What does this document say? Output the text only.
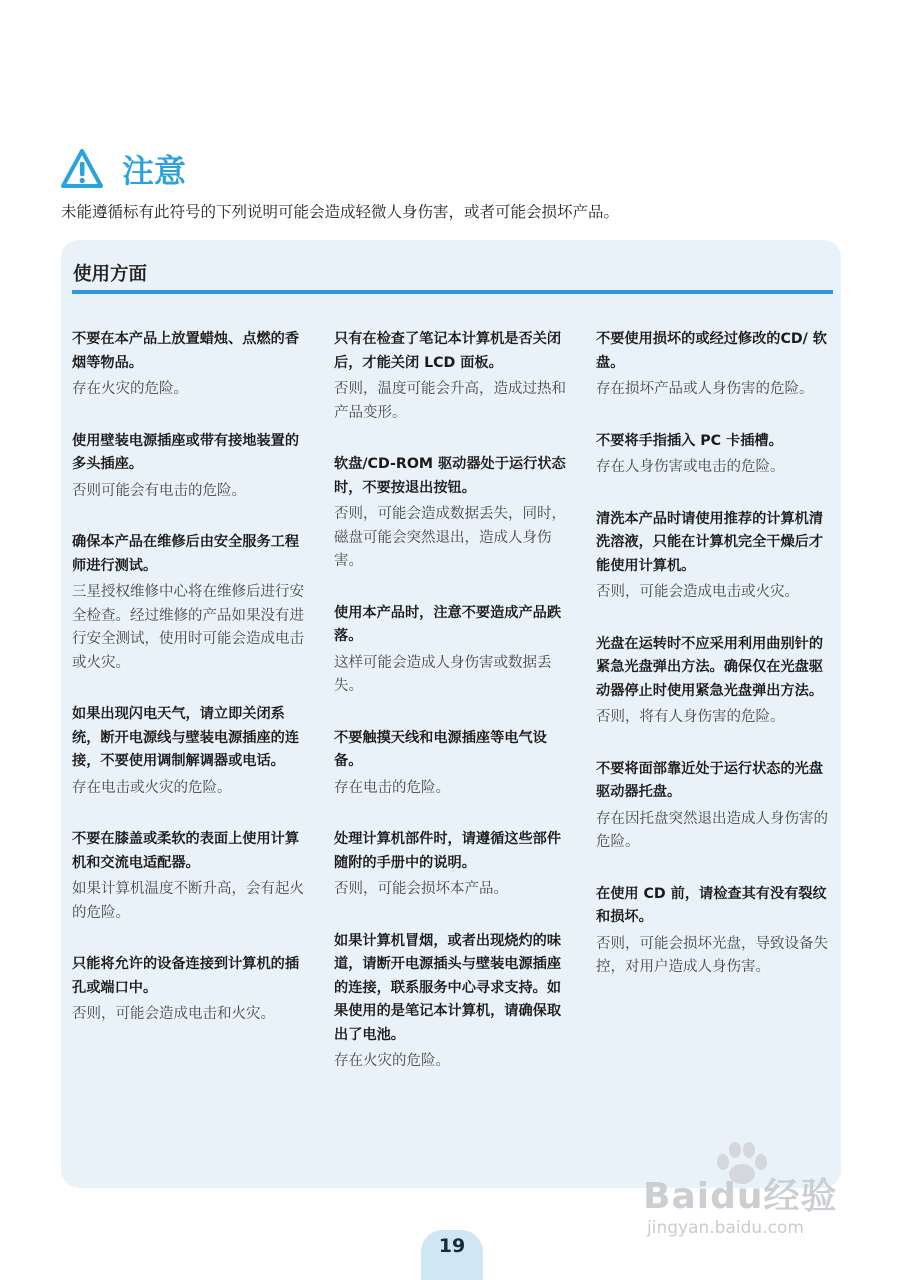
注意
未能遵循标有此符号的下列说明可能会造成轻微人身伤害，或者可能会损坏产品。
使用方面
不要在本产品上放置蜡烛、点燃的香烟等物品。

存在火灾的危险。

使用壁装电源插座或带有接地装置的多头插座。

否则可能会有电击的危险。

确保本产品在维修后由安全服务工程师进行测试。

三星授权维修中心将在维修后进行安全检查。经过维修的产品如果没有进行安全测试，使用时可能会造成电击或火灾。

如果出现闪电天气，请立即关闭系统，断开电源线与壁装电源插座的连接，不要使用调制解调器或电话。

存在电击或火灾的危险。

不要在膝盖或柔软的表面上使用计算机和交流电适配器。

如果计算机温度不断升高，会有起火的危险。

只能将允许的设备连接到计算机的插孔或端口中。

否则，可能会造成电击和火灾。

只有在检查了笔记本计算机是否关闭后，才能关闭 LCD 面板。

否则，温度可能会升高，造成过热和产品变形。

软盘/CD-ROM 驱动器处于运行状态时，不要按退出按钮。

否则，可能会造成数据丢失，同时，磁盘可能会突然退出，造成人身伤害。

使用本产品时，注意不要造成产品跌落。

这样可能会造成人身伤害或数据丢失。

不要触摸天线和电源插座等电气设备。

存在电击的危险。

处理计算机部件时，请遵循这些部件随附的手册中的说明。

否则，可能会损坏本产品。

如果计算机冒烟，或者出现烧灼的味道，请断开电源插头与壁装电源插座的连接，联系服务中心寻求支持。如果使用的是笔记本计算机，请确保取出了电池。

存在火灾的危险。

不要使用损坏的或经过修改的CD/ 软盘。

存在损坏产品或人身伤害的危险。

不要将手指插入 PC 卡插槽。

存在人身伤害或电击的危险。

清洗本产品时请使用推荐的计算机清洗溶液，只能在计算机完全干燥后才能使用计算机。

否则，可能会造成电击或火灾。

光盘在运转时不应采用利用曲别针的紧急光盘弹出方法。确保仅在光盘驱动器停止时使用紧急光盘弹出方法。

否则，将有人身伤害的危险。

不要将面部靠近处于运行状态的光盘驱动器托盘。

存在因托盘突然退出造成人身伤害的危险。

在使用 CD 前，请检查其有没有裂纹和损坏。

否则，可能会损坏光盘，导致设备失控，对用户造成人身伤害。

Baidu经验
jingyan.baidu.com
19
